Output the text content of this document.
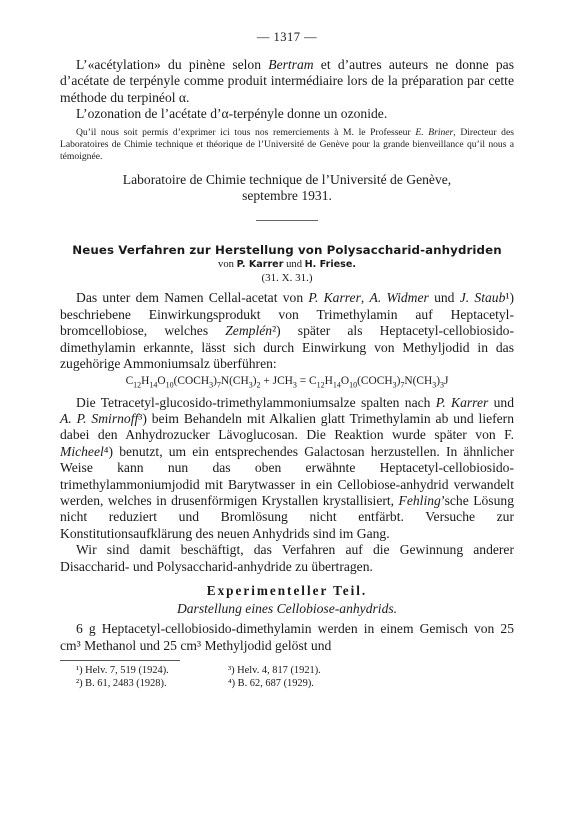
— 1317 —

L’«acétylation» du pinène selon Bertram et d’autres auteurs ne donne pas d’acétate de terpényle comme produit intermédiaire lors de la préparation par cette méthode du terpinéol α.

L’ozonation de l’acétate d’α-terpényle donne un ozonide.

Qu’il nous soit permis d’exprimer ici tous nos remerciements à M. le Professeur E. Briner, Directeur des Laboratoires de Chimie technique et théorique de l’Université de Genève pour la grande bienveillance qu’il nous a témoignée.

Laboratoire de Chimie technique de l’Université de Genève,
septembre 1931.
Neues Verfahren zur Herstellung von Polysaccharid-anhydriden
von P. Karrer und H. Friese.
(31. X. 31.)

Das unter dem Namen Cellal-acetat von P. Karrer, A. Widmer und J. Staub¹) beschriebene Einwirkungsprodukt von Trimethylamin auf Heptacetyl-bromcellobiose, welches Zemplén²) später als Heptacetyl-cellobiosido-dimethylamin erkannte, lässt sich durch Einwirkung von Methyljodid in das zugehörige Ammoniumsalz überführen:

$C_{12}H_{14}O_{10}(COCH_3)_7N(CH_3)_2 + JCH_3$ = $C_{12}H_{14}O_{10}(COCH_3)_7N(CH_3)_3J$

Die Tetracetyl-glucosido-trimethylammoniumsalze spalten nach P. Karrer und A. P. Smirnoff³) beim Behandeln mit Alkalien glatt Trimethylamin ab und liefern dabei den Anhydrozucker Lävoglucosan. Die Reaktion wurde später von F. Micheel⁴) benutzt, um ein entsprechendes Galactosan herzustellen. In ähnlicher Weise kann nun das oben erwähnte Heptacetyl-cellobiosido-trimethylammoniumjodid mit Barytwasser in ein Cellobiose-anhydrid verwandelt werden, welches in drusenförmigen Krystallen krystallisiert, Fehling’sche Lösung nicht reduziert und Bromlösung nicht entfärbt. Versuche zur Konstitutionsaufklärung des neuen Anhydrids sind im Gang.

Wir sind damit beschäftigt, das Verfahren auf die Gewinnung anderer Disaccharid- und Polysaccharid-anhydride zu übertragen.

Experimenteller Teil.
Darstellung eines Cellobiose-anhydrids.

6 g Heptacetyl-cellobiosido-dimethylamin werden in einem Gemisch von 25 cm³ Methanol und 25 cm³ Methyljodid gelöst und

¹) Helv. 7, 519 (1924).	³) Helv. 4, 817 (1921).
²) B. 61, 2483 (1928).	⁴) B. 62, 687 (1929).
